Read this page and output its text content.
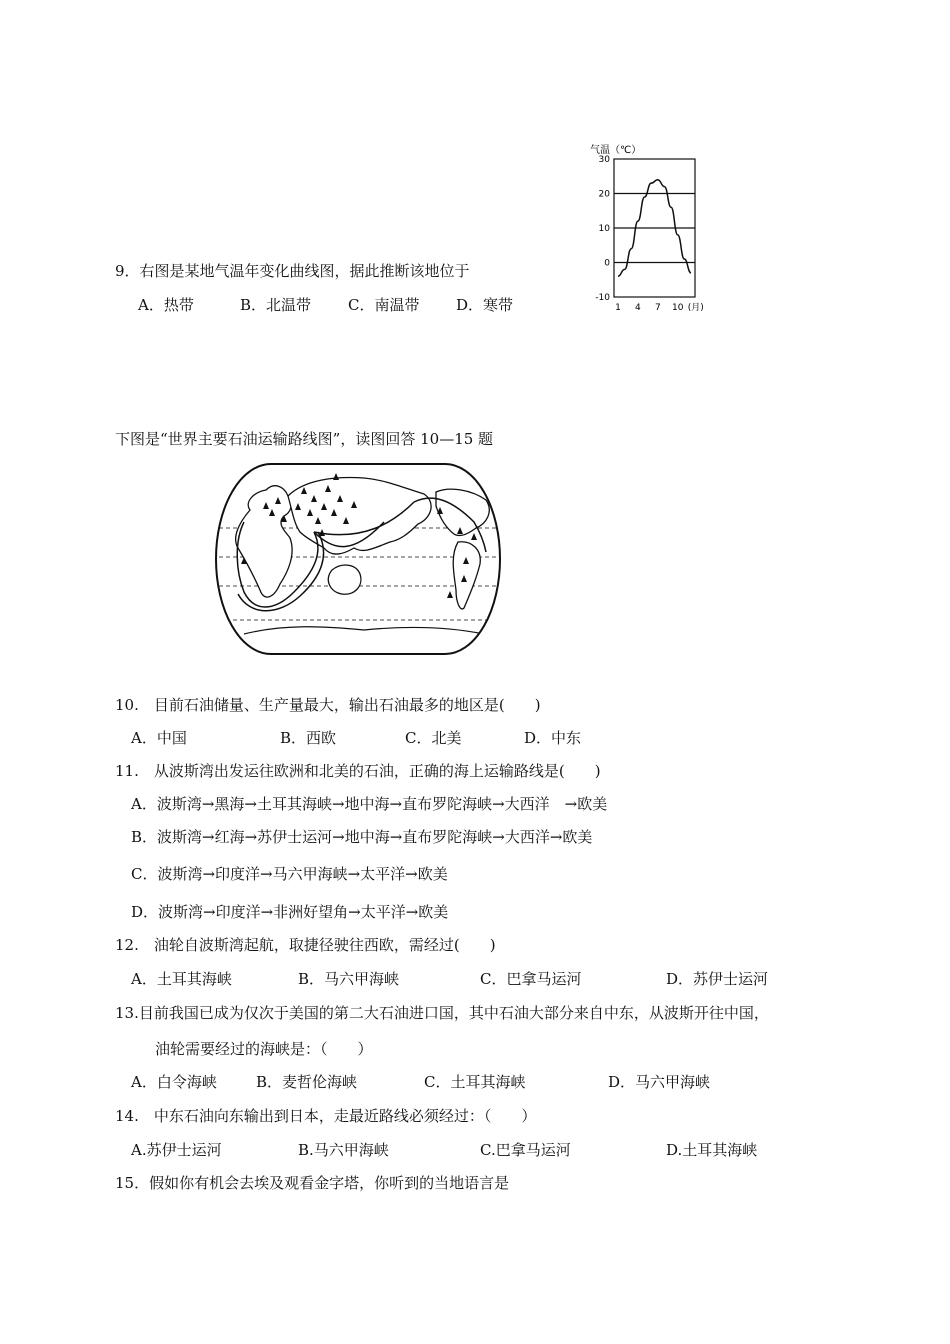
气温（℃）
30
20
10
0
-10
1 4 7 10 (月)
9．右图是某地气温年变化曲线图，据此推断该地位于
A．热带	B．北温带 C．南温带 D．寒带
下图是“世界主要石油运输路线图”，读图回答 10—15 题
10.　目前石油储量、生产量最大，输出石油最多的地区是(　　)
A．中国	B．西欧	C．北美	D．中东
11.　从波斯湾出发运往欧洲和北美的石油，正确的海上运输路线是(　　)
A．波斯湾→黑海→土耳其海峡→地中海→直布罗陀海峡→大西洋　→欧美
B．波斯湾→红海→苏伊士运河→地中海→直布罗陀海峡→大西洋→欧美
C．波斯湾→印度洋→马六甲海峡→太平洋→欧美
D．波斯湾→印度洋→非洲好望角→太平洋→欧美
12.　油轮自波斯湾起航，取捷径驶往西欧，需经过(　　)
A．土耳其海峡	B．马六甲海峡	C．巴拿马运河	D．苏伊士运河
13.目前我国已成为仅次于美国的第二大石油进口国，其中石油大部分来自中东，从波斯开往中国，
油轮需要经过的海峡是：（　　）
A．白令海峡	B．麦哲伦海峡	C．土耳其海峡	D．马六甲海峡
14.　中东石油向东输出到日本，走最近路线必须经过：（　　）
A.苏伊士运河	B.马六甲海峡	C.巴拿马运河	D.土耳其海峡
15．假如你有机会去埃及观看金字塔，你听到的当地语言是
